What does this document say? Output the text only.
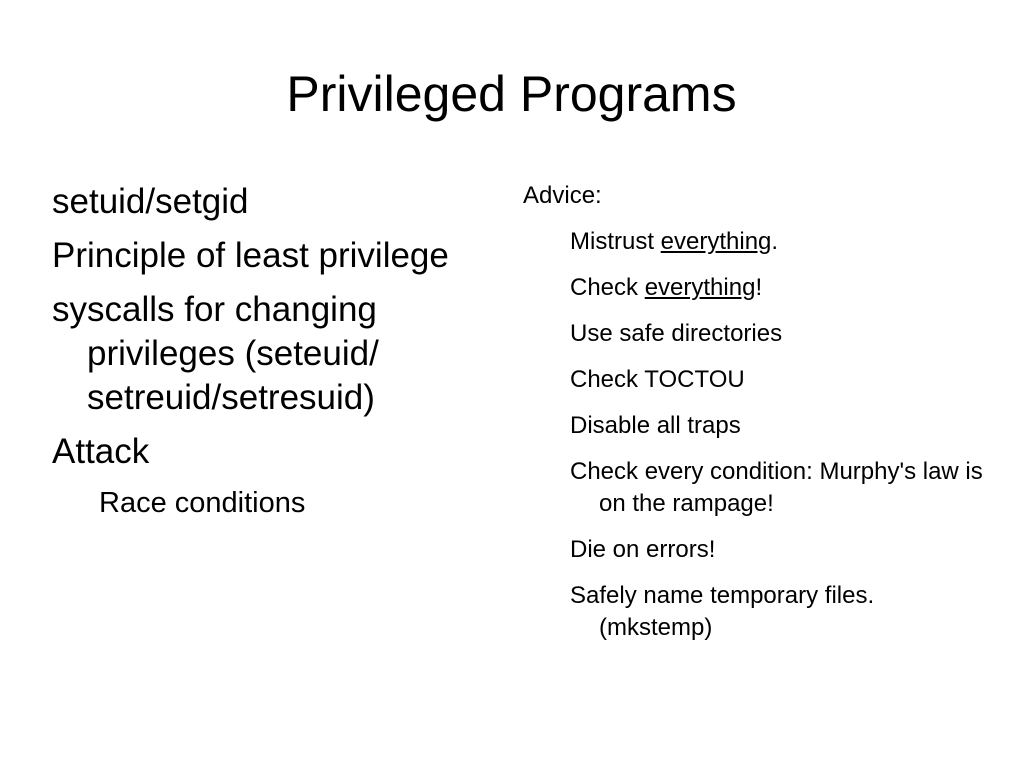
Privileged Programs
setuid/setgid
Principle of least privilege
syscalls for changing privileges (seteuid/ setreuid/setresuid)
Attack
Race conditions
Advice:
Mistrust everything.
Check everything!
Use safe directories
Check TOCTOU
Disable all traps
Check every condition: Murphy's law is on the rampage!
Die on errors!
Safely name temporary files. (mkstemp)
